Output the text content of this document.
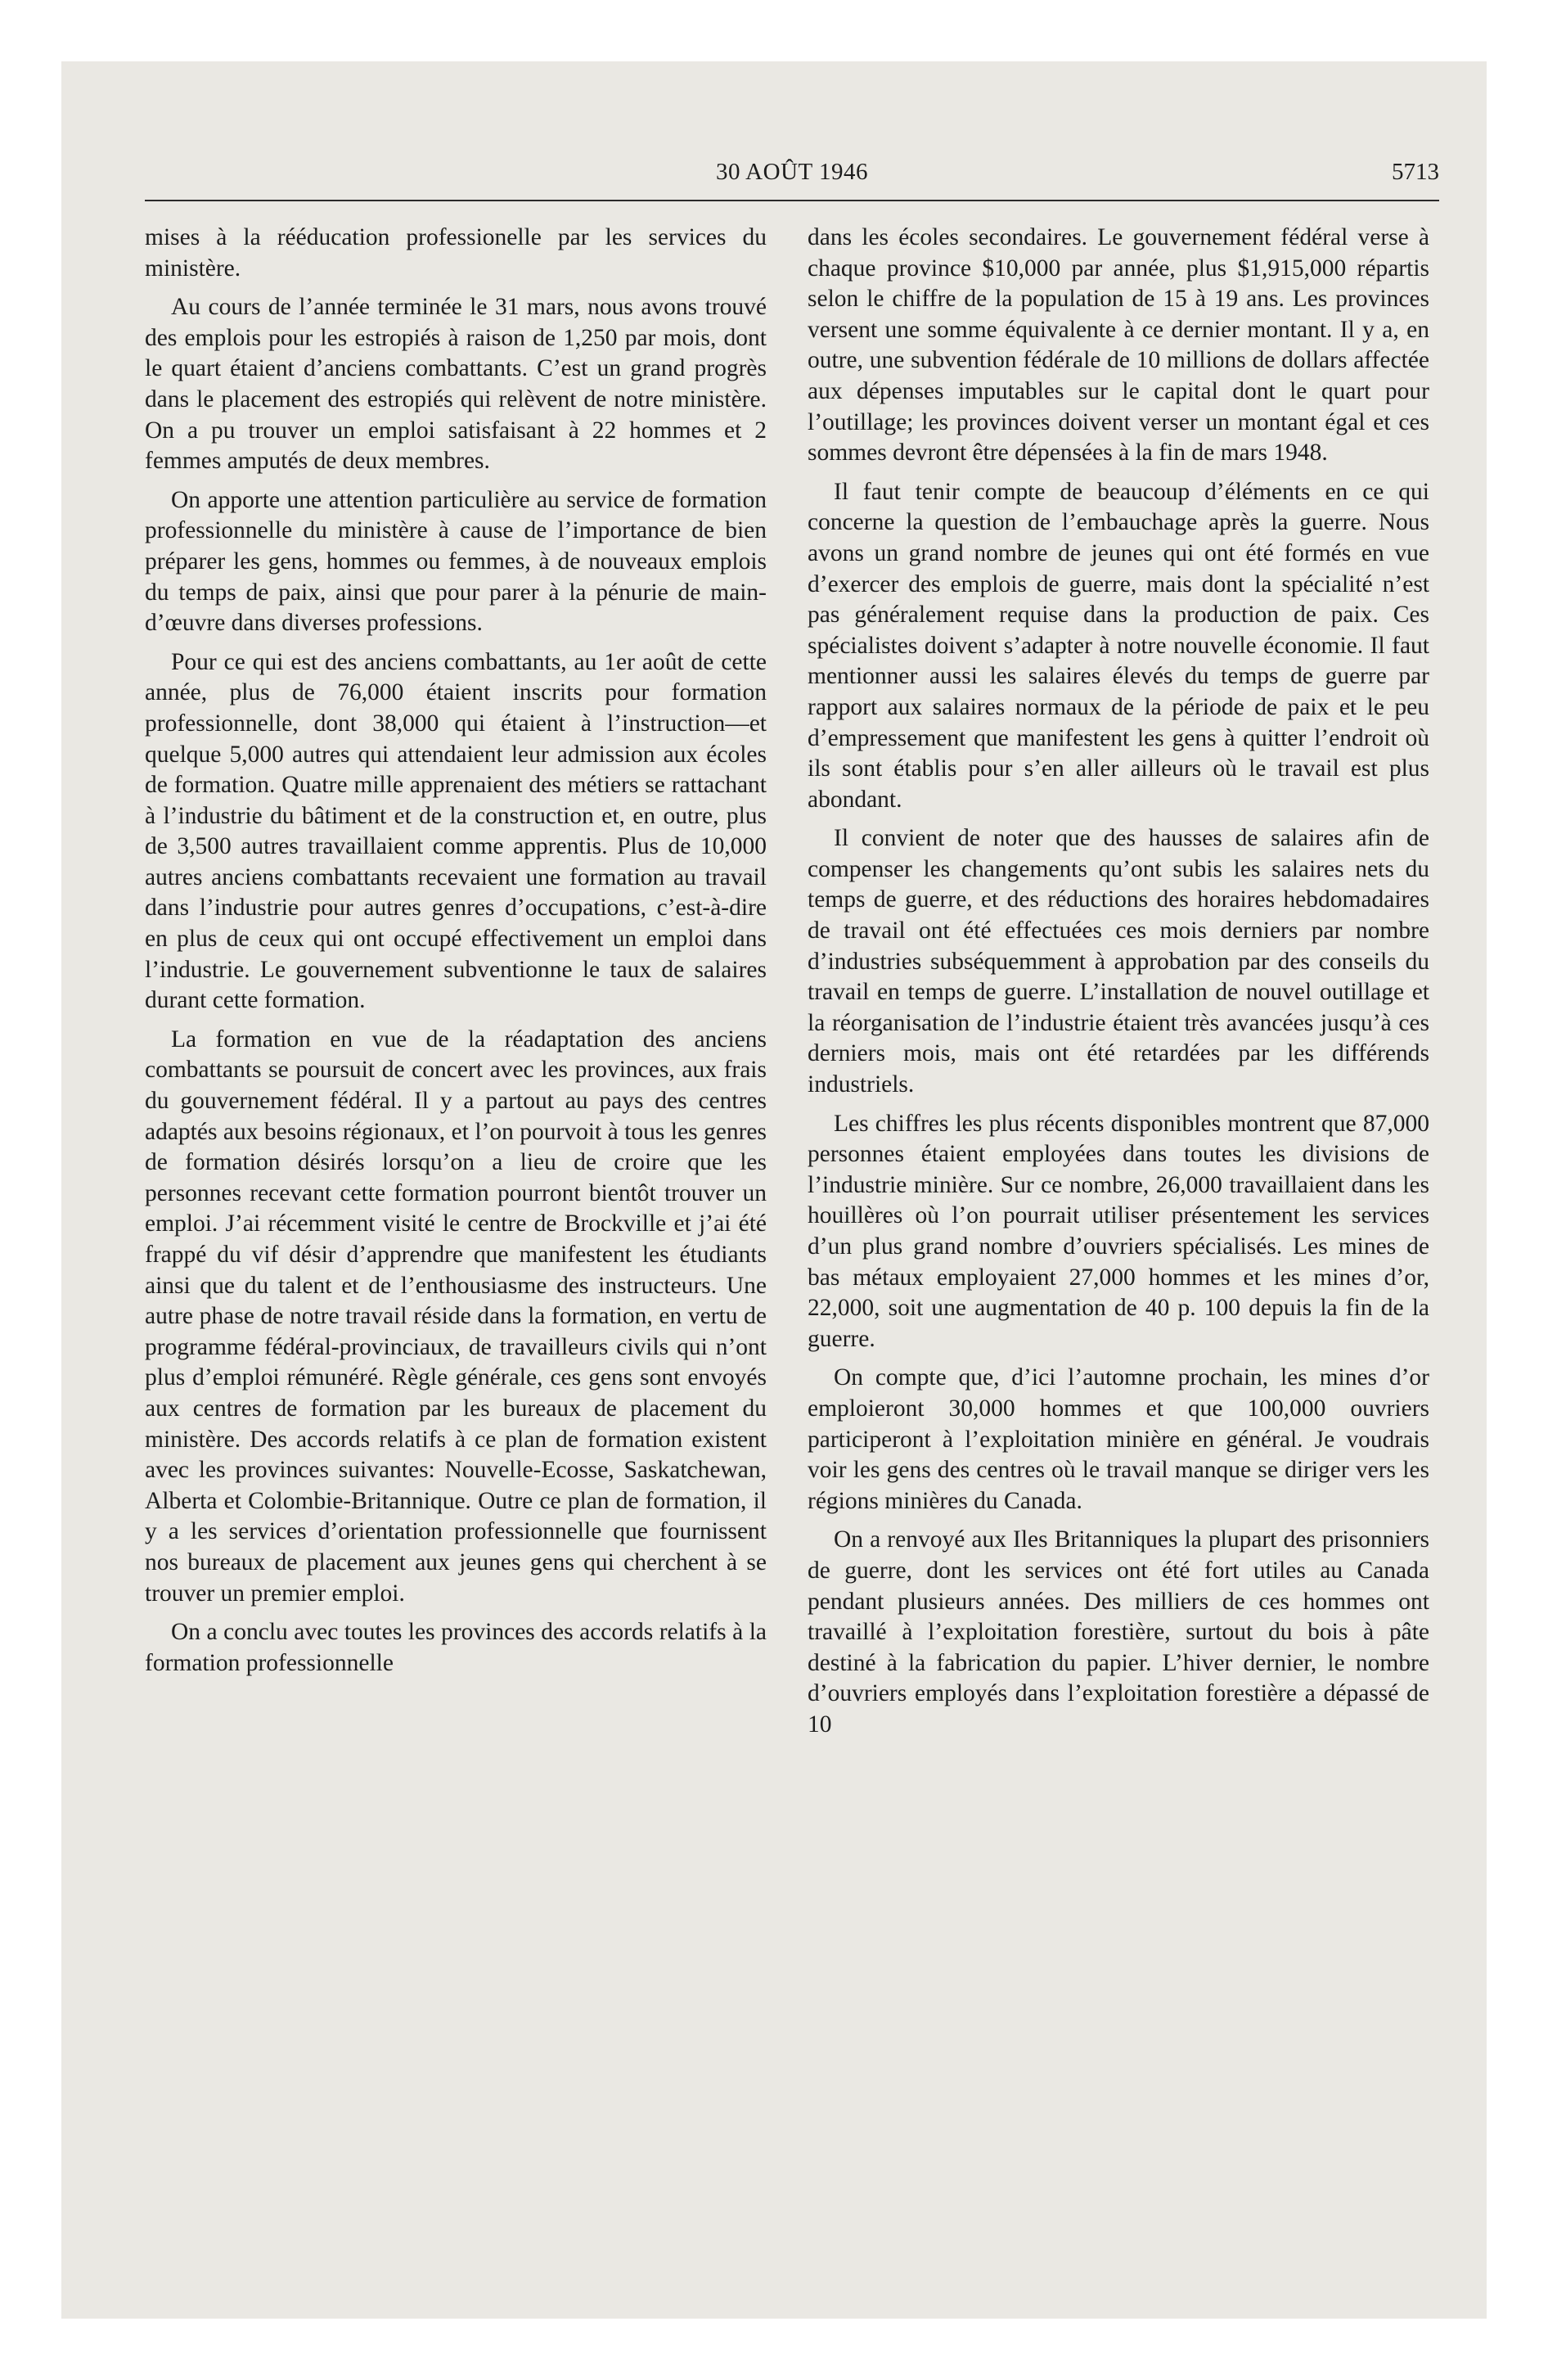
30 AOÛT 1946	5713

mises à la rééducation professionelle par les services du ministère.

Au cours de l’année terminée le 31 mars, nous avons trouvé des emplois pour les estropiés à raison de 1,250 par mois, dont le quart étaient d’anciens combattants. C’est un grand progrès dans le placement des estropiés qui relèvent de notre ministère. On a pu trouver un emploi satisfaisant à 22 hommes et 2 femmes amputés de deux membres.

On apporte une attention particulière au service de formation professionnelle du ministère à cause de l’importance de bien préparer les gens, hommes ou femmes, à de nouveaux emplois du temps de paix, ainsi que pour parer à la pénurie de main-d’œuvre dans diverses professions.

Pour ce qui est des anciens combattants, au 1er août de cette année, plus de 76,000 étaient inscrits pour formation professionnelle, dont 38,000 qui étaient à l’instruction—et quelque 5,000 autres qui attendaient leur admission aux écoles de formation. Quatre mille apprenaient des métiers se rattachant à l’industrie du bâtiment et de la construction et, en outre, plus de 3,500 autres travaillaient comme apprentis. Plus de 10,000 autres anciens combattants recevaient une formation au travail dans l’industrie pour autres genres d’occupations, c’est-à-dire en plus de ceux qui ont occupé effectivement un emploi dans l’industrie. Le gouvernement subventionne le taux de salaires durant cette formation.

La formation en vue de la réadaptation des anciens combattants se poursuit de concert avec les provinces, aux frais du gouvernement fédéral. Il y a partout au pays des centres adaptés aux besoins régionaux, et l’on pourvoit à tous les genres de formation désirés lorsqu’on a lieu de croire que les personnes recevant cette formation pourront bientôt trouver un emploi. J’ai récemment visité le centre de Brockville et j’ai été frappé du vif désir d’apprendre que manifestent les étudiants ainsi que du talent et de l’enthousiasme des instructeurs. Une autre phase de notre travail réside dans la formation, en vertu de programme fédéral-provinciaux, de travailleurs civils qui n’ont plus d’emploi rémunéré. Règle générale, ces gens sont envoyés aux centres de formation par les bureaux de placement du ministère. Des accords relatifs à ce plan de formation existent avec les provinces suivantes: Nouvelle-Ecosse, Saskatchewan, Alberta et Colombie-Britannique. Outre ce plan de formation, il y a les services d’orientation professionnelle que fournissent nos bureaux de placement aux jeunes gens qui cherchent à se trouver un premier emploi.

On a conclu avec toutes les provinces des accords relatifs à la formation professionnelle

dans les écoles secondaires. Le gouvernement fédéral verse à chaque province $10,000 par année, plus $1,915,000 répartis selon le chiffre de la population de 15 à 19 ans. Les provinces versent une somme équivalente à ce dernier montant. Il y a, en outre, une subvention fédérale de 10 millions de dollars affectée aux dépenses imputables sur le capital dont le quart pour l’outillage; les provinces doivent verser un montant égal et ces sommes devront être dépensées à la fin de mars 1948.

Il faut tenir compte de beaucoup d’éléments en ce qui concerne la question de l’embauchage après la guerre. Nous avons un grand nombre de jeunes qui ont été formés en vue d’exercer des emplois de guerre, mais dont la spécialité n’est pas généralement requise dans la production de paix. Ces spécialistes doivent s’adapter à notre nouvelle économie. Il faut mentionner aussi les salaires élevés du temps de guerre par rapport aux salaires normaux de la période de paix et le peu d’empressement que manifestent les gens à quitter l’endroit où ils sont établis pour s’en aller ailleurs où le travail est plus abondant.

Il convient de noter que des hausses de salaires afin de compenser les changements qu’ont subis les salaires nets du temps de guerre, et des réductions des horaires hebdomadaires de travail ont été effectuées ces mois derniers par nombre d’industries subséquemment à approbation par des conseils du travail en temps de guerre. L’installation de nouvel outillage et la réorganisation de l’industrie étaient très avancées jusqu’à ces derniers mois, mais ont été retardées par les différends industriels.

Les chiffres les plus récents disponibles montrent que 87,000 personnes étaient employées dans toutes les divisions de l’industrie minière. Sur ce nombre, 26,000 travaillaient dans les houillères où l’on pourrait utiliser présentement les services d’un plus grand nombre d’ouvriers spécialisés. Les mines de bas métaux employaient 27,000 hommes et les mines d’or, 22,000, soit une augmentation de 40 p. 100 depuis la fin de la guerre.

On compte que, d’ici l’automne prochain, les mines d’or emploieront 30,000 hommes et que 100,000 ouvriers participeront à l’exploitation minière en général. Je voudrais voir les gens des centres où le travail manque se diriger vers les régions minières du Canada.

On a renvoyé aux Iles Britanniques la plupart des prisonniers de guerre, dont les services ont été fort utiles au Canada pendant plusieurs années. Des milliers de ces hommes ont travaillé à l’exploitation forestière, surtout du bois à pâte destiné à la fabrication du papier. L’hiver dernier, le nombre d’ouvriers employés dans l’exploitation forestière a dépassé de 10
